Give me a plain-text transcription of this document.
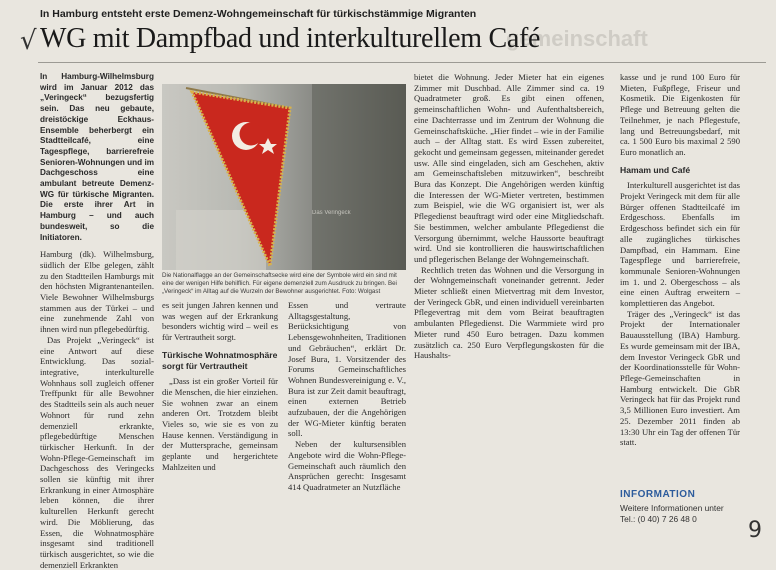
In Hamburg entsteht erste Demenz-Wohngemeinschaft für türkischstämmige Migranten
gemeinschaft
√ WG mit Dampfbad und interkulturellem Café

In Hamburg-Wilhelmsburg wird im Januar 2012 das „Veringeck“ bezugsfertig sein. Das neu gebaute, dreistöckige Eckhaus-Ensemble beherbergt ein Stadtteilcafé, eine Tagespflege, barrierefreie Senioren-Wohnungen und im Dachgeschoss eine ambulant betreute Demenz-WG für türkische Migranten. Die erste ihrer Art in Hamburg – und auch bundesweit, so die Initiatoren.

Hamburg (dk). Wilhelmsburg, südlich der Elbe gelegen, zählt zu den Stadtteilen Hamburgs mit den höchsten Migrantenanteilen. Viele Bewohner Wilhelmsburgs stammen aus der Türkei – und eine zunehmende Zahl von ihnen wird nun pflegebedürftig.

Das Projekt „Veringeck“ ist eine Antwort auf diese Entwicklung. Das sozial-integrative, interkulturelle Wohnhaus soll zugleich offener Treffpunkt für alle Bewohner des Stadtteils sein als auch neuer Wohnort für rund zehn demenziell erkrankte, pflegebedürftige Menschen türkischer Herkunft. In der Wohn-Pflege-Gemeinschaft im Dachgeschoss des Veringecks sollen sie künftig mit ihrer Erkrankung in einer Atmosphäre leben können, die ihrer kulturellen Herkunft gerecht wird. Die Möblierung, das Essen, die Wohnatmosphäre insgesamt sind traditionell türkisch ausgerichtet, so wie die demenziell Erkrankten

Das Veringeck
Die Nationalflagge an der Gemeinschaftsecke wird eine der Symbole wird ein sind mit eine der wenigen Hilfe behilflich. Für eigene demenziell zum Ausdruck zu bringen. Bei „Veringeck“ im Alltag auf die Wurzeln der Bewohner ausgerichtet. Foto: Wolgast

es seit jungen Jahren kennen und was wegen auf der Erkrankung besonders wichtig wird – weil es für Vertrautheit sorgt.

Türkische Wohnatmosphäre sorgt für Vertrautheit

„Dass ist ein großer Vorteil für die Menschen, die hier einziehen. Sie wohnen zwar an einem anderen Ort. Trotzdem bleibt Vieles so, wie sie es von zu Hause kennen. Verständigung in der Muttersprache, gemeinsam geplante und hergerichtete Mahlzeiten und

Essen und vertraute Alltagsgestaltung, Berücksichtigung von Lebensgewohnheiten, Traditionen und Gebräuchen“, erklärt Dr. Josef Bura, 1. Vorsitzender des Forums Gemeinschaftliches Wohnen Bundesvereinigung e. V., Bura ist zur Zeit damit beauftragt, einen externen Betrieb aufzubauen, der die Angehörigen der WG-Mieter künftig beraten soll.

Neben der kultursensiblen Angebote wird die Wohn-Pflege-Gemeinschaft auch räumlich den Ansprüchen gerecht: Insgesamt 414 Quadratmeter an Nutzfläche

bietet die Wohnung. Jeder Mieter hat ein eigenes Zimmer mit Duschbad. Alle Zimmer sind ca. 19 Quadratmeter groß. Es gibt einen offenen, gemeinschaftlichen Wohn- und Aufenthaltsbereich, eine Dachterrasse und im Zentrum der Wohnung die Gemeinschaftsküche. „Hier findet – wie in der Familie auch – der Alltag statt. Es wird Essen zubereitet, gekocht und gemeinsam gegessen, miteinander geredet usw. Alle sind eingeladen, sich am Geschehen, aktiv am Gemeinschaftsleben mitzuwirken“, beschreibt Bura das Konzept. Die Angehörigen werden künftig die Interessen der WG-Mieter vertreten, bestimmen zum Beispiel, wie die WG organisiert ist, wer als Pflegedienst beauftragt wird oder eine Mitgliedschaft. Sie bestimmen, welcher ambulante Pflegedienst die Versorgung übernimmt, welche Haussorte beauftragt wird. Und sie kontrollieren die hauswirtschaftlichen und pflegerischen Belange der Wohngemeinschaft.

Rechtlich treten das Wohnen und die Versorgung in der Wohngemeinschaft voneinander getrennt. Jeder Mieter schließt einen Mietvertrag mit dem Investor, der Veringeck GbR, und einen individuell vereinbarten Pflegevertrag mit dem vom Beirat beauftragten ambulanten Pflegedienst. Die Warmmiete wird pro Mieter rund 450 Euro betragen. Dazu kommen zusätzlich ca. 250 Euro Verpflegungskosten für die Haushalts-

kasse und je rund 100 Euro für Mieten, Fußpflege, Friseur und Kosmetik. Die Eigenkosten für Pflege und Betreuung gelten die Teilnehmer, je nach Pflegestufe, lang und Betreuungsbedarf, mit ca. 1 500 Euro bis maximal 2 590 Euro monatlich an.

Hamam und Café

Interkulturell ausgerichtet ist das Projekt Veringeck mit dem für alle Bürger offenen Stadtteilcafé im Erdgeschoss. Ebenfalls im Erdgeschoss befindet sich ein für alle zugängliches türkisches Dampfbad, ein Hammam. Eine Tagespflege und barrierefreie, kommunale Senioren-Wohnungen im 1. und 2. Obergeschoss – als eine einen Auftrag erweitern – komplettieren das Angebot.

Träger des „Veringeck“ ist das Projekt der Internationaler Bauausstellung (IBA) Hamburg. Es wurde gemeinsam mit der IBA, dem Investor Veringeck GbR und der Koordinationsstelle für Wohn-Pflege-Gemeinschaften in Hamburg entwickelt. Die GbR Veringeck hat für das Projekt rund 3,5 Millionen Euro investiert. Am 25. Dezember 2011 finden ab 13:30 Uhr ein Tag der offenen Tür statt.

INFORMATION
Weitere Informationen unter
Tel.: (0 40) 7 26 48 0	9
